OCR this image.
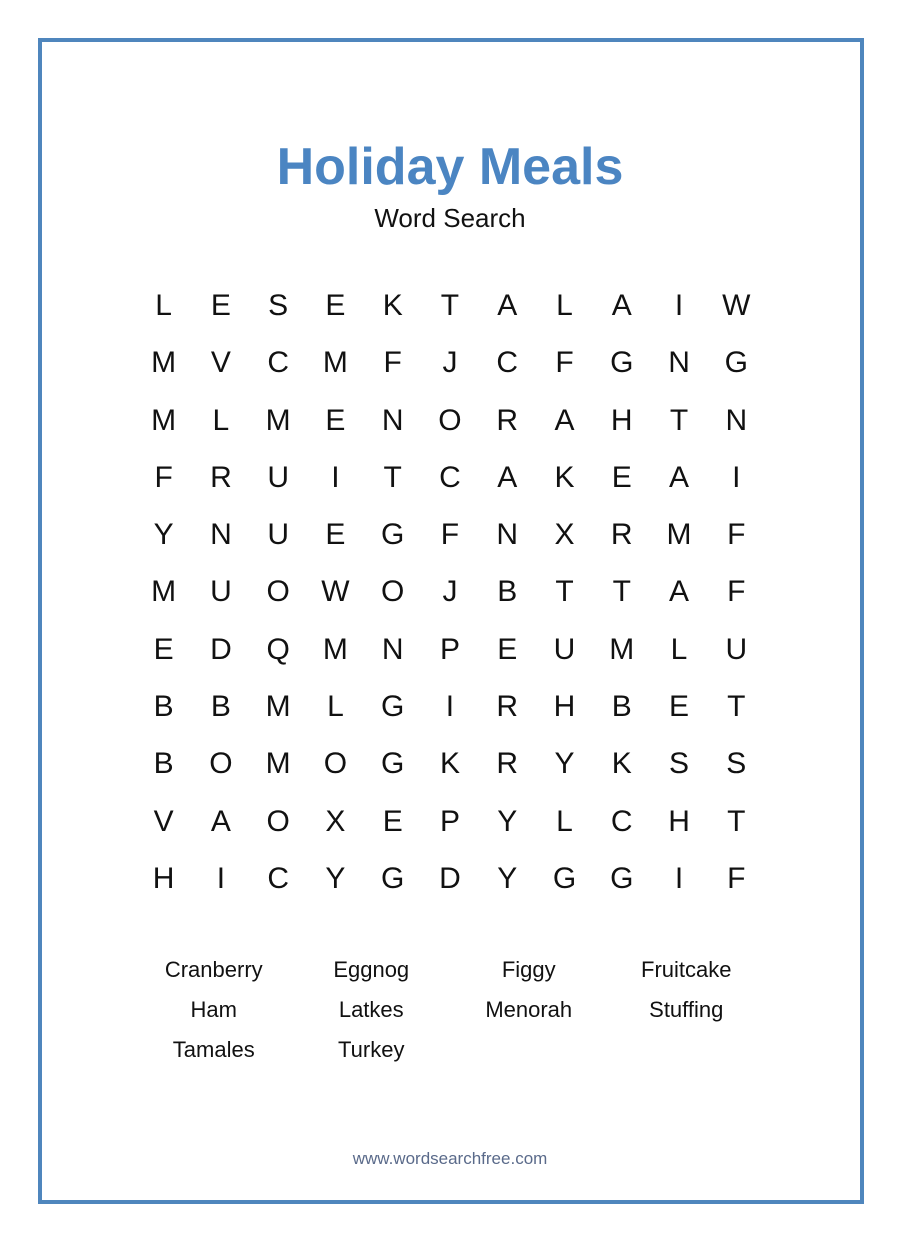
Holiday Meals
Word Search
L	E	S	E	K	T	A	L	A	I	W
M	V	C	M	F	J	C	F	G	N	G
M	L	M	E	N	O	R	A	H	T	N
F	R	U	I	T	C	A	K	E	A	I
Y	N	U	E	G	F	N	X	R	M	F
M	U	O	W	O	J	B	T	T	A	F
E	D	Q	M	N	P	E	U	M	L	U
B	B	M	L	G	I	R	H	B	E	T
B	O	M	O	G	K	R	Y	K	S	S
V	A	O	X	E	P	Y	L	C	H	T
H	I	C	Y	G	D	Y	G	G	I	F
Cranberry	Eggnog	Figgy	Fruitcake
Ham	Latkes	Menorah	Stuffing
Tamales	Turkey
www.wordsearchfree.com
